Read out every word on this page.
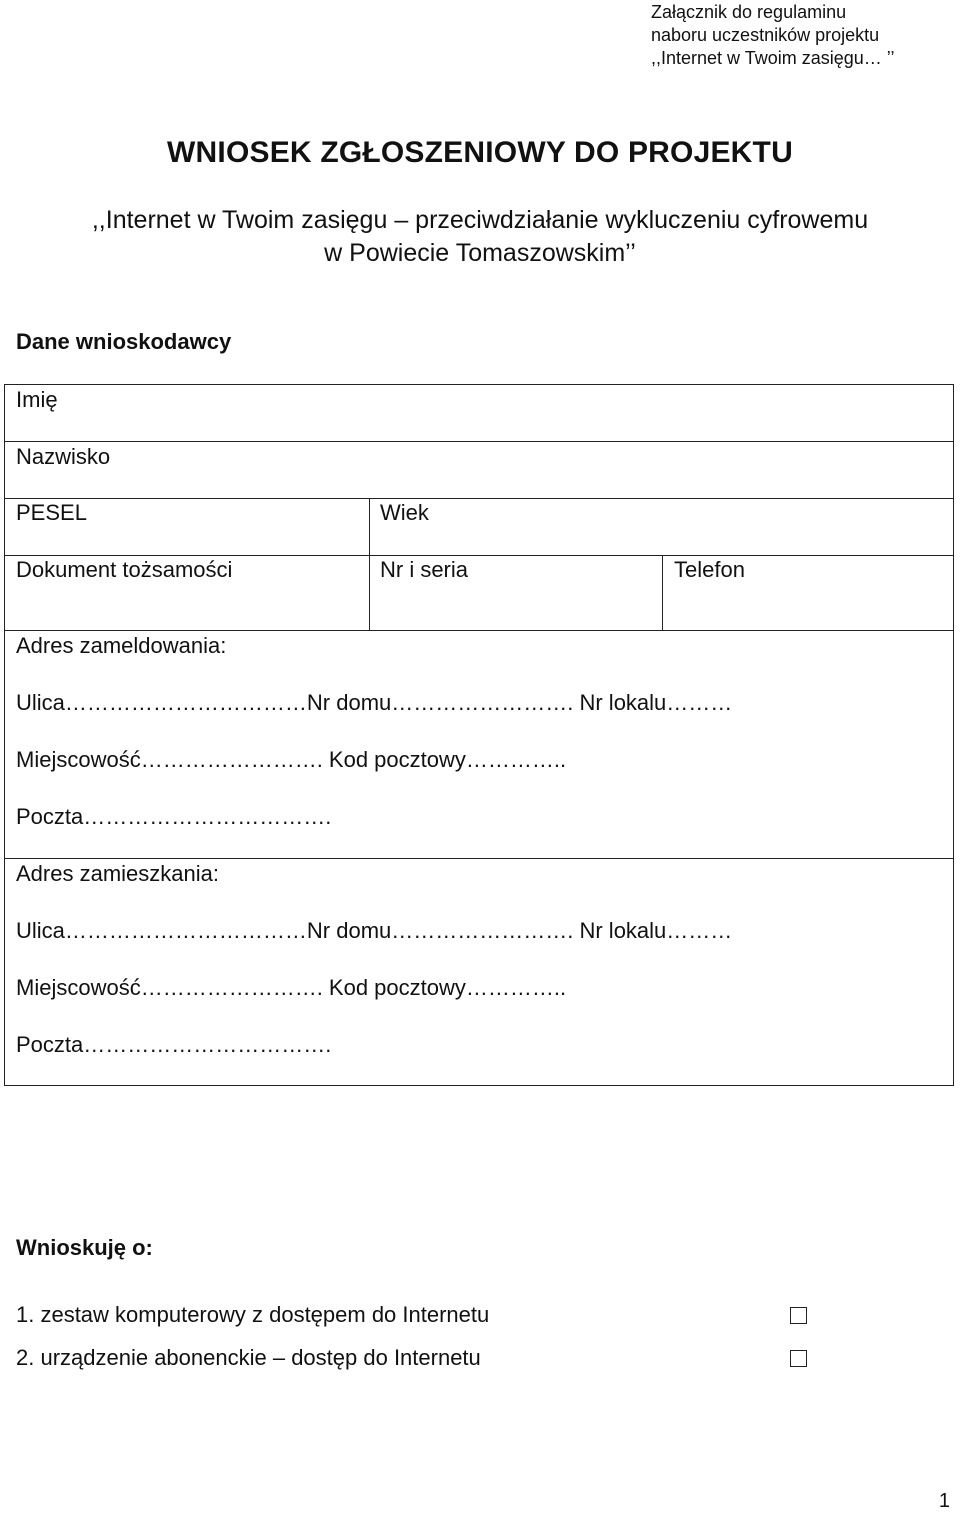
Załącznik do regulaminu
naboru uczestników projektu
,,Internet w Twoim zasięgu… ’’
WNIOSEK ZGŁOSZENIOWY DO PROJEKTU
,,Internet w Twoim zasięgu – przeciwdziałanie wykluczeniu cyfrowemu
w Powiecie Tomaszowskim’’
Dane wnioskodawcy
Imię
Nazwisko
PESEL	Wiek
Dokument tożsamości	Nr i seria	Telefon
Adres zameldowania:
Ulica……………………………Nr domu……………………. Nr lokalu………
Miejscowość……………………. Kod pocztowy…………..
Poczta…………………………….
Adres zamieszkania:
Ulica……………………………Nr domu……………………. Nr lokalu………
Miejscowość……………………. Kod pocztowy…………..
Poczta…………………………….
Wnioskuję o:
1. zestaw komputerowy z dostępem do Internetu
2. urządzenie abonenckie – dostęp do Internetu
1
